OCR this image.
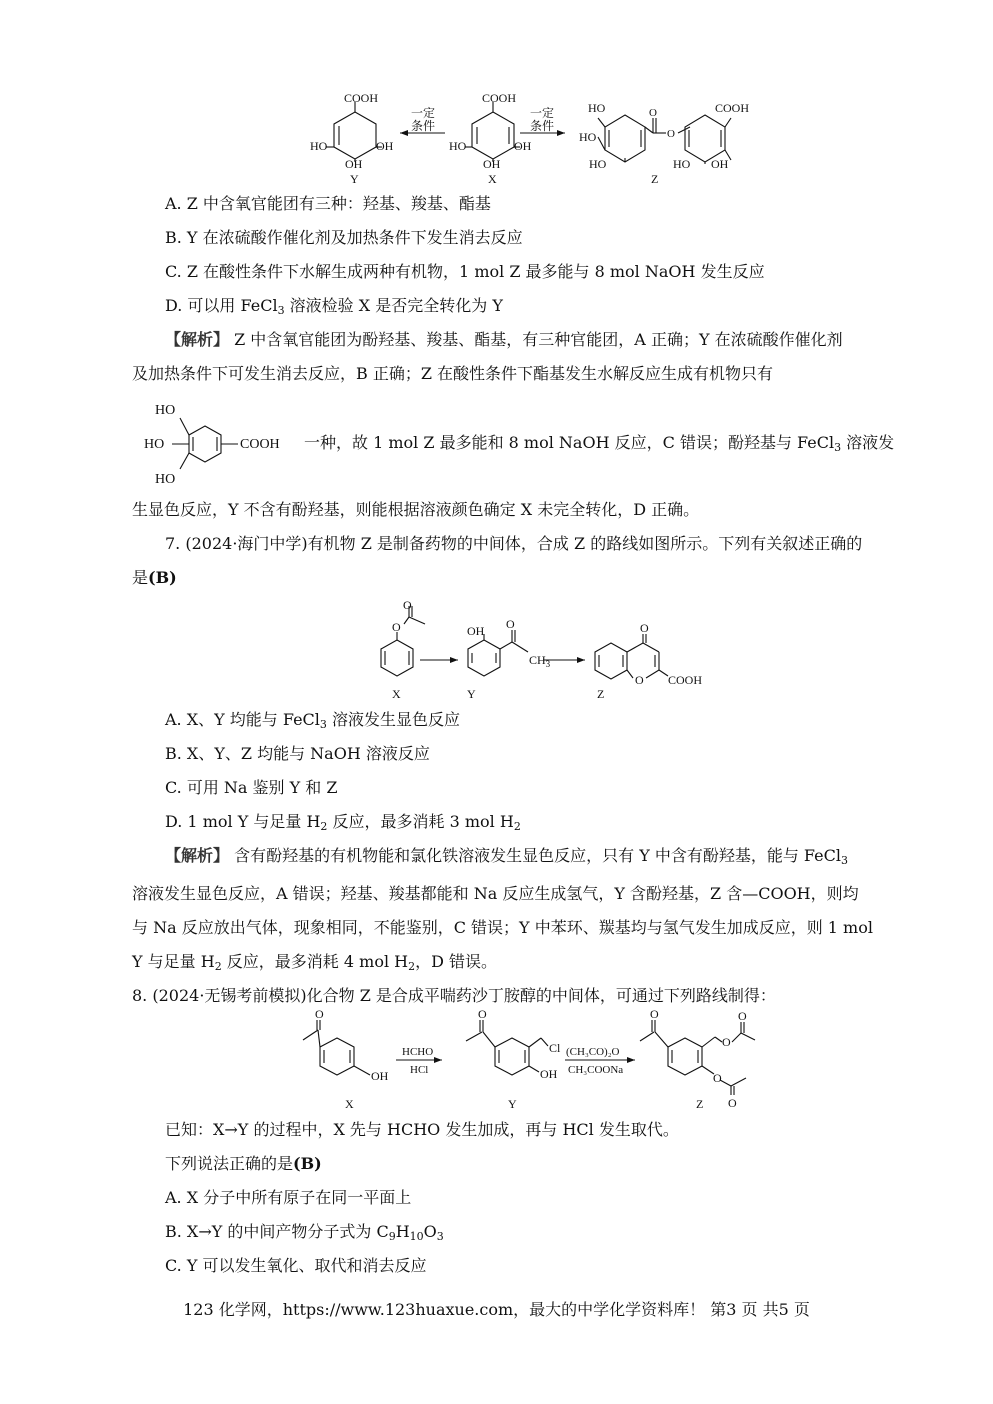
COOH
HO
OH
OH
Y
一定
条件
COOH
HO
OH
OH
X
一定
条件
HO
HO
HO
O
O
COOH
HO OH
Z
A. Z 中含氧官能团有三种：羟基、羧基、酯基
B. Y 在浓硫酸作催化剂及加热条件下发生消去反应
C. Z 在酸性条件下水解生成两种有机物，1 mol Z 最多能与 8 mol NaOH 发生反应
D. 可以用 FeCl$_3$ 溶液检验 X 是否完全转化为 Y
【解析】 Z 中含氧官能团为酚羟基、羧基、酯基，有三种官能团，A 正确；Y 在浓硫酸作催化剂
及加热条件下可发生消去反应，B 正确；Z 在酸性条件下酯基发生水解反应生成有机物只有
HO
HO
HO
COOH 一种，故 1 mol Z 最多能和 8 mol NaOH 反应，C 错误；酚羟基与 FeCl$_3$ 溶液发
生显色反应，Y 不含有酚羟基，则能根据溶液颜色确定 X 未完全转化，D 正确。
7. (2024·海门中学)有机物 Z 是制备药物的中间体，合成 Z 的路线如图所示。下列有关叙述正确的
是(B)
O
O
X
OH O
$CH_3$
Y
O
O COOH
Z
A. X、Y 均能与 FeCl$_3$ 溶液发生显色反应
B. X、Y、Z 均能与 NaOH 溶液反应
C. 可用 Na 鉴别 Y 和 Z
D. 1 mol Y 与足量 $H_2$ 反应，最多消耗 3 mol $H_2$
【解析】 含有酚羟基的有机物能和氯化铁溶液发生显色反应，只有 Y 中含有酚羟基，能与 FeCl$_3$
溶液发生显色反应，A 错误；羟基、羧基都能和 Na 反应生成氢气，Y 含酚羟基，Z 含—COOH，则均
与 Na 反应放出气体，现象相同，不能鉴别，C 错误；Y 中苯环、羰基均与氢气发生加成反应，则 1 mol
Y 与足量 $H_2$ 反应，最多消耗 4 mol $H_2$，D 错误。
8. (2024·无锡考前模拟)化合物 Z 是合成平喘药沙丁胺醇的中间体，可通过下列路线制得：
O
OH
X
HCHO
HCl
O
Cl
OH
Y
(CH₃CO)₂O
CH₃COONa
O
O
O
O
O
Z
已知：X→Y 的过程中，X 先与 HCHO 发生加成，再与 HCl 发生取代。
下列说法正确的是(B)
A. X 分子中所有原子在同一平面上
B. X→Y 的中间产物分子式为 $C_9H_{10}O_3$
C. Y 可以发生氧化、取代和消去反应
123 化学网，https://www.123huaxue.com，最大的中学化学资料库！ 第3 页 共5 页
